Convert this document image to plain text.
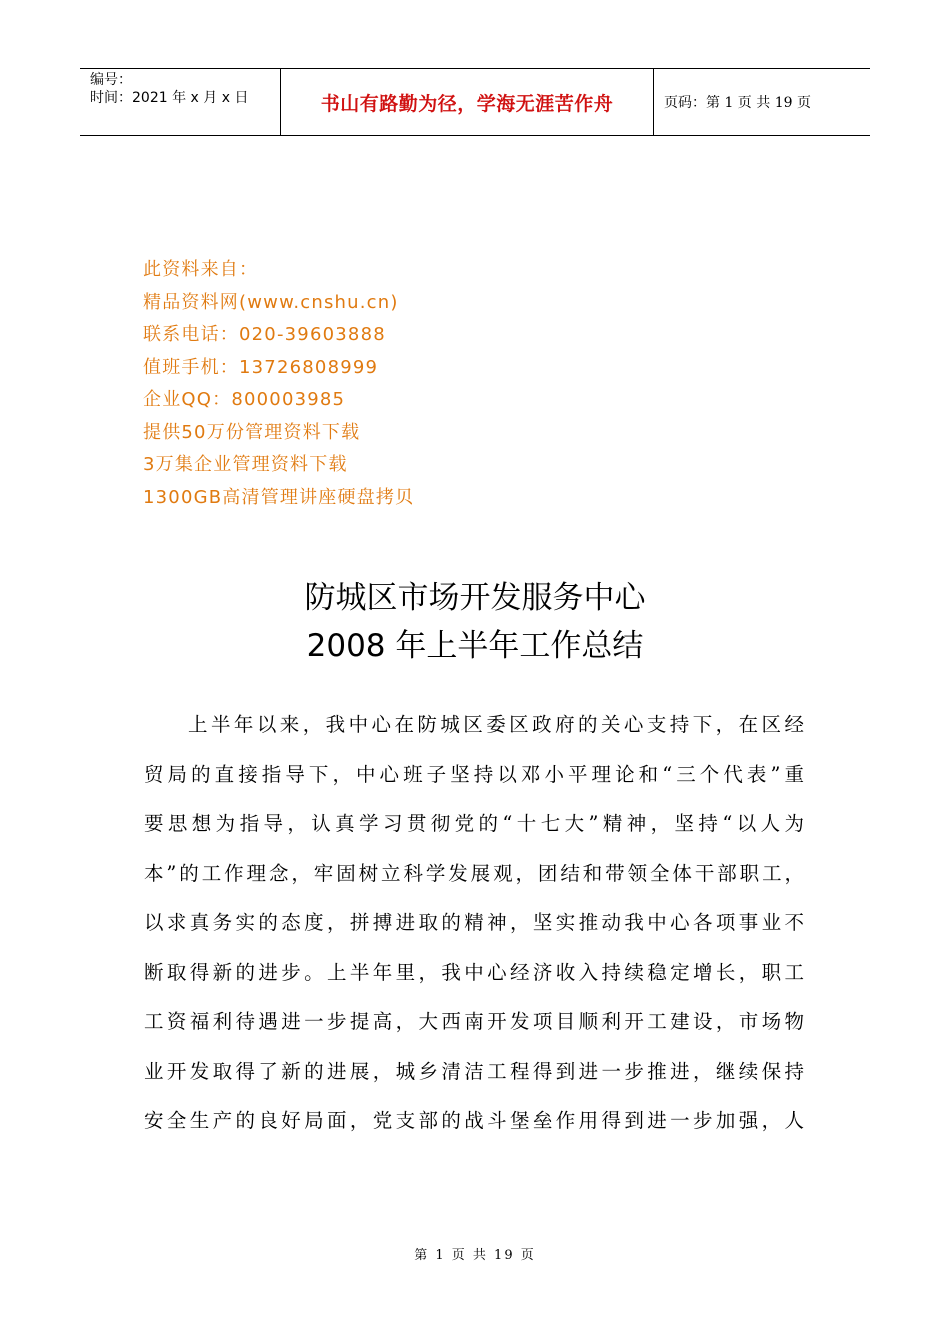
编号：
时间：2021 年 x 月 x 日	书山有路勤为径，学海无涯苦作舟	页码：第 1 页 共 19 页
此资料来自：
精品资料网(www.cnshu.cn)
联系电话：020-39603888
值班手机：13726808999
企业QQ：800003985
提供50万份管理资料下载
3万集企业管理资料下载
1300GB高清管理讲座硬盘拷贝
防城区市场开发服务中心
2008 年上半年工作总结
上半年以来，我中心在防城区委区政府的关心支持下，在区经
贸局的直接指导下，中心班子坚持以邓小平理论和“三个代表”重
要思想为指导，认真学习贯彻党的“十七大”精神，坚持“以人为
本”的工作理念，牢固树立科学发展观，团结和带领全体干部职工，
以求真务实的态度，拼搏进取的精神，坚实推动我中心各项事业不
断取得新的进步。上半年里，我中心经济收入持续稳定增长，职工
工资福利待遇进一步提高，大西南开发项目顺利开工建设，市场物
业开发取得了新的进展，城乡清洁工程得到进一步推进，继续保持
安全生产的良好局面，党支部的战斗堡垒作用得到进一步加强，人
第 1 页 共 19 页
